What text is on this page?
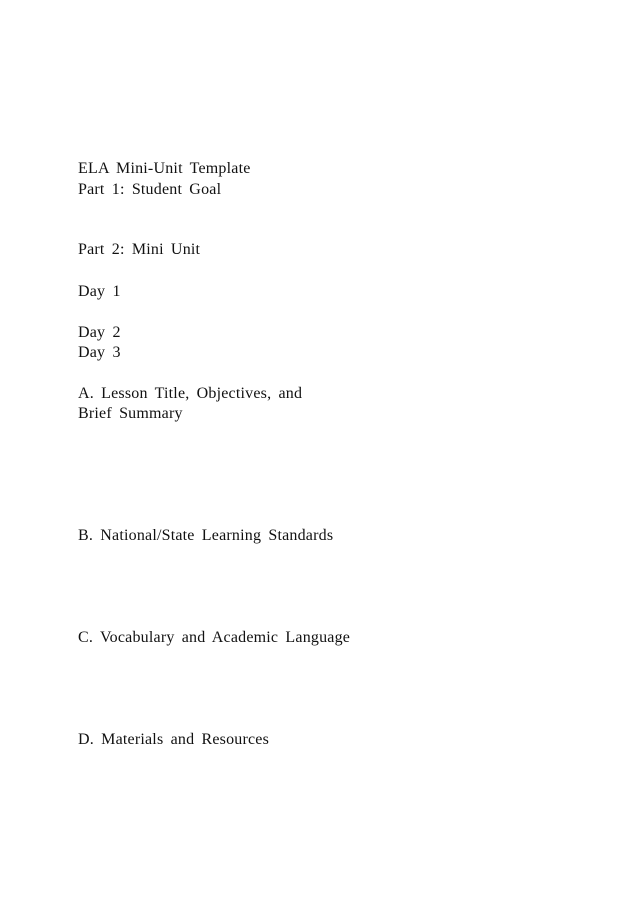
ELA Mini-Unit Template

Part 1: Student Goal

Part 2: Mini Unit

Day 1

Day 2

Day 3

A. Lesson Title, Objectives, and

Brief Summary

B. National/State Learning Standards

C. Vocabulary and Academic Language

D. Materials and Resources
